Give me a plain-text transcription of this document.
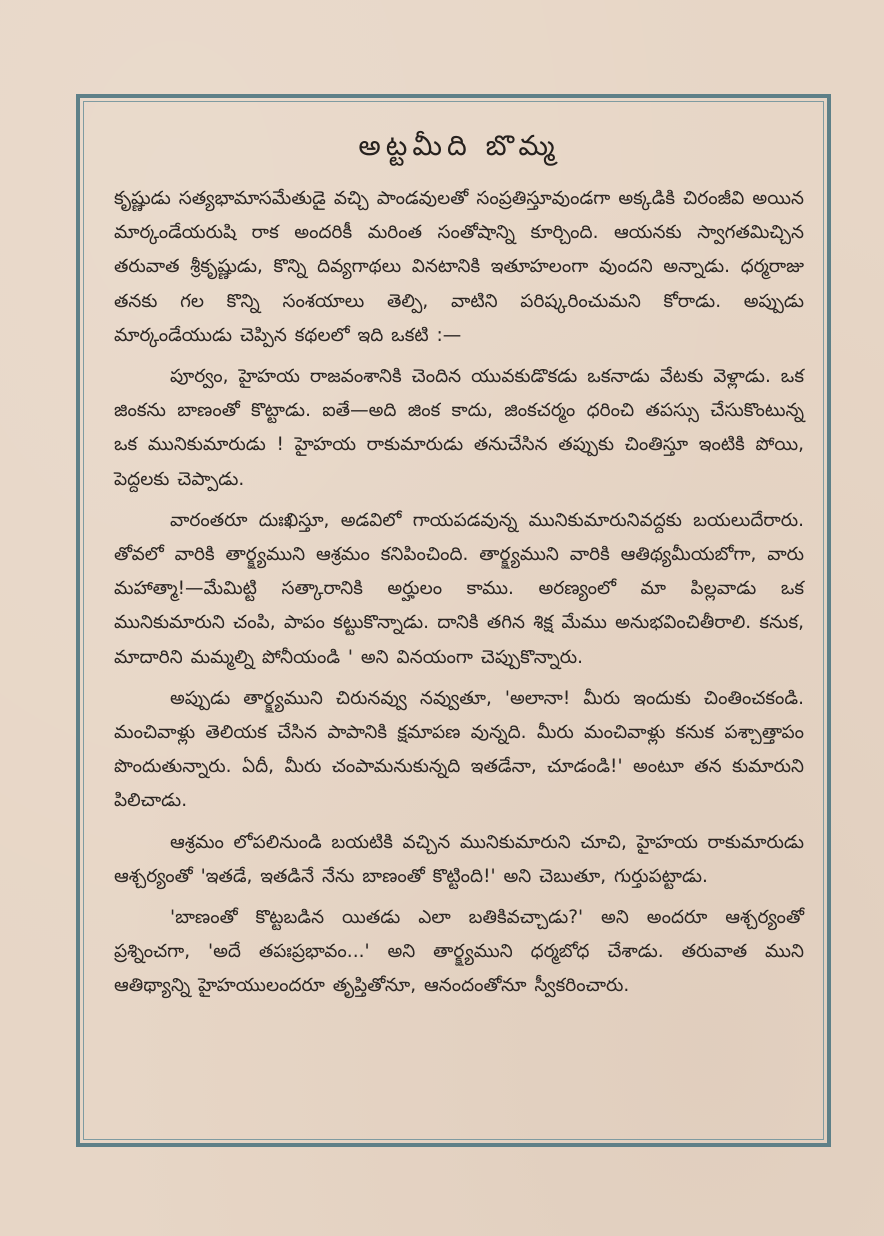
అట్టమీది బొమ్మ

కృష్ణుడు సత్యభామాసమేతుడై వచ్చి పాండవులతో సంప్రతిస్తూవుండగా అక్కడికి చిరంజీవి అయిన మార్కండేయరుషి రాక అందరికీ మరింత సంతోషాన్ని కూర్చింది. ఆయనకు స్వాగతమిచ్చిన తరువాత శ్రీకృష్ణుడు, కొన్ని దివ్యగాథలు వినటానికి ఇతూహలంగా వుందని అన్నాడు. ధర్మరాజు తనకు గల కొన్ని సంశయాలు తెల్పి, వాటిని పరిష్కరించుమని కోరాడు. అప్పుడు మార్కండేయుడు చెప్పిన కథలలో ఇది ఒకటి :—

పూర్వం, హైహయ రాజవంశానికి చెందిన యువకుడొకడు ఒకనాడు వేటకు వెళ్లాడు. ఒక జింకను బాణంతో కొట్టాడు. ఐతే—అది జింక కాదు, జింకచర్మం ధరించి తపస్సు చేసుకొంటున్న ఒక మునికుమారుడు ! హైహయ రాకుమారుడు తనుచేసిన తప్పుకు చింతిస్తూ ఇంటికి పోయి, పెద్దలకు చెప్పాడు.

వారంతరూ దుఃఖిస్తూ, అడవిలో గాయపడవున్న మునికుమారునివద్దకు బయలుదేరారు. తోవలో వారికి తార్క్ష్యముని ఆశ్రమం కనిపించింది. తార్క్ష్యముని వారికి ఆతిథ్యమీయబోగా, వారు మహాత్మా!—మేమిట్టి సత్కారానికి అర్హులం కాము. అరణ్యంలో మా పిల్లవాడు ఒక మునికుమారుని చంపి, పాపం కట్టుకొన్నాడు. దానికి తగిన శిక్ష మేము అనుభవించితీరాలి. కనుక, మాదారిని మమ్మల్ని పోనీయండి ' అని వినయంగా చెప్పుకొన్నారు.

అప్పుడు తార్క్ష్యముని చిరునవ్వు నవ్వుతూ, 'అలానా! మీరు ఇందుకు చింతించకండి. మంచివాళ్లు తెలియక చేసిన పాపానికి క్షమాపణ వున్నది. మీరు మంచివాళ్లు కనుక పశ్చాత్తాపం పొందుతున్నారు. ఏదీ, మీరు చంపామనుకున్నది ఇతడేనా, చూడండి!' అంటూ తన కుమారుని పిలిచాడు.

ఆశ్రమం లోపలినుండి బయటికి వచ్చిన మునికుమారుని చూచి, హైహయ రాకుమారుడు ఆశ్చర్యంతో 'ఇతడే, ఇతడినే నేను బాణంతో కొట్టింది!' అని చెబుతూ, గుర్తుపట్టాడు.

'బాణంతో కొట్టబడిన యితడు ఎలా బతికివచ్చాడు?' అని అందరూ ఆశ్చర్యంతో ప్రశ్నించగా, 'అదే తపఃప్రభావం...' అని తార్క్ష్యముని ధర్మబోధ చేశాడు. తరువాత ముని ఆతిథ్యాన్ని హైహయులందరూ తృప్తితోనూ, ఆనందంతోనూ స్వీకరించారు.
